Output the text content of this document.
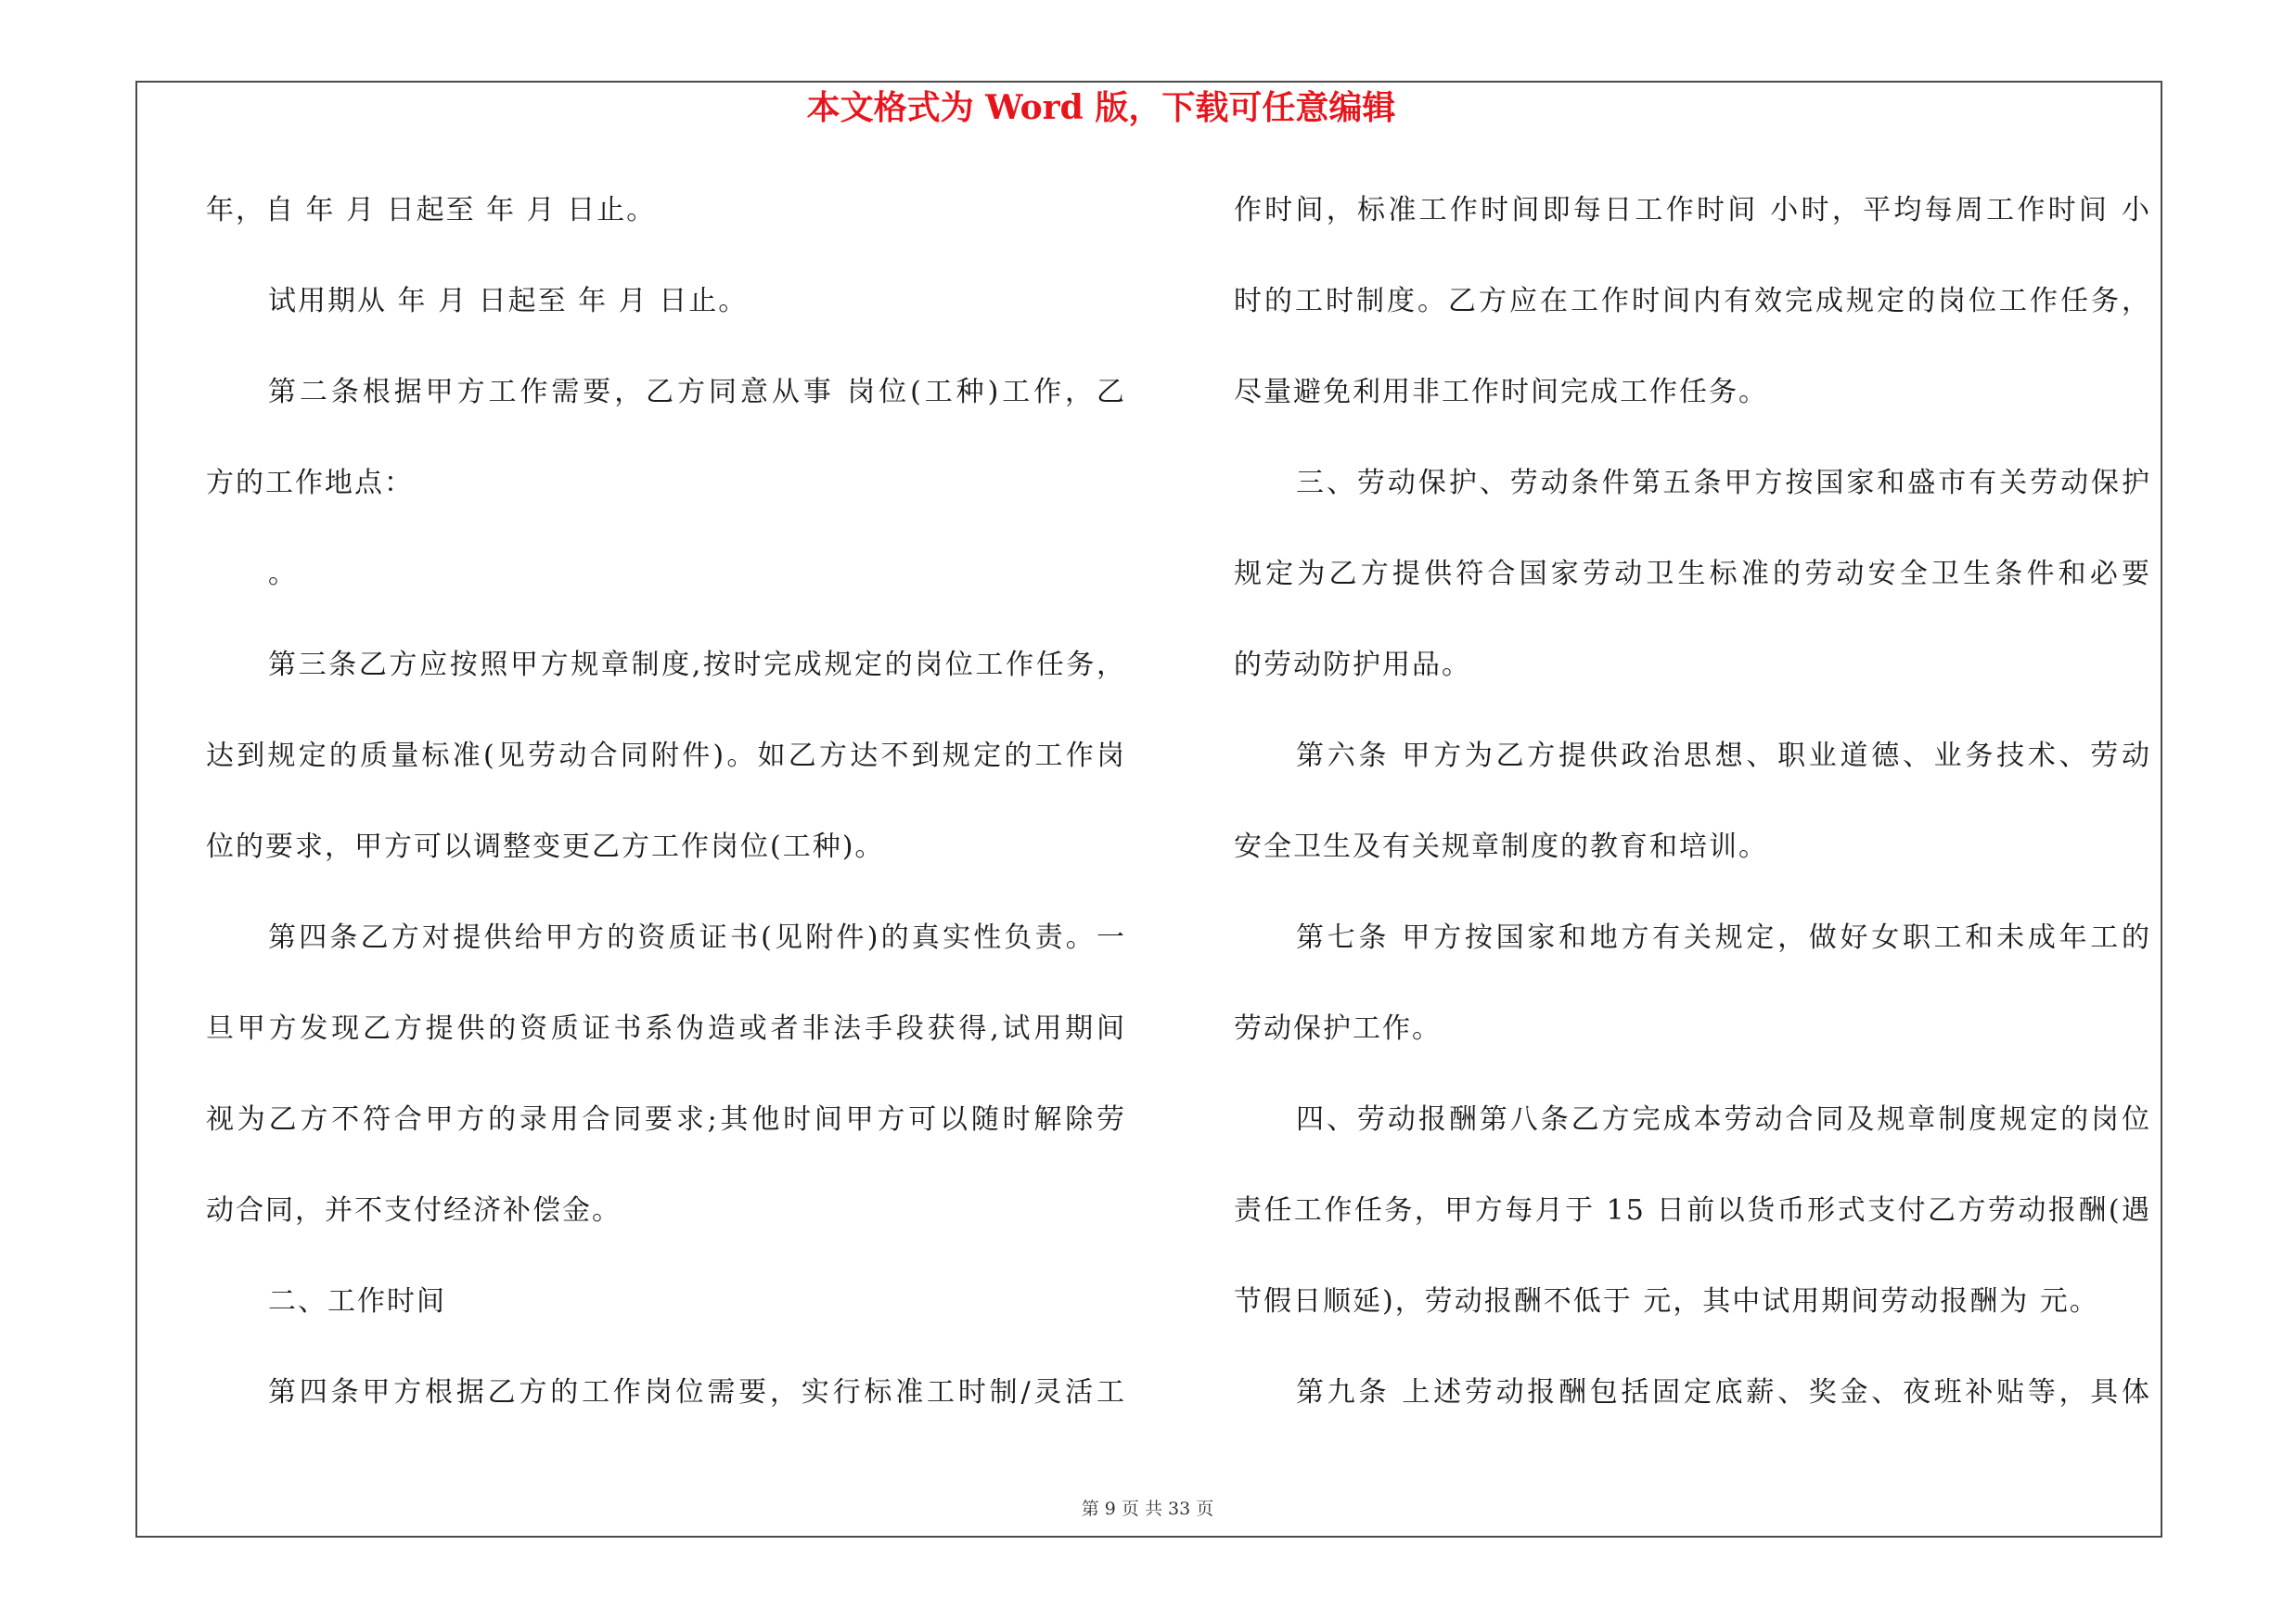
本文格式为 Word 版，下载可任意编辑
年，自 年 月 日起至 年 月 日止。
试用期从 年 月 日起至 年 月 日止。
第二条根据甲方工作需要，乙方同意从事 岗位(工种)工作，乙
方的工作地点：
。
第三条乙方应按照甲方规章制度,按时完成规定的岗位工作任务，
达到规定的质量标准(见劳动合同附件)。如乙方达不到规定的工作岗
位的要求，甲方可以调整变更乙方工作岗位(工种)。
第四条乙方对提供给甲方的资质证书(见附件)的真实性负责。一
旦甲方发现乙方提供的资质证书系伪造或者非法手段获得,试用期间
视为乙方不符合甲方的录用合同要求;其他时间甲方可以随时解除劳
动合同，并不支付经济补偿金。
二、工作时间
第四条甲方根据乙方的工作岗位需要，实行标准工时制/灵活工
作时间，标准工作时间即每日工作时间 小时，平均每周工作时间 小
时的工时制度。乙方应在工作时间内有效完成规定的岗位工作任务，
尽量避免利用非工作时间完成工作任务。
三、劳动保护、劳动条件第五条甲方按国家和盛市有关劳动保护
规定为乙方提供符合国家劳动卫生标准的劳动安全卫生条件和必要
的劳动防护用品。
第六条 甲方为乙方提供政治思想、职业道德、业务技术、劳动
安全卫生及有关规章制度的教育和培训。
第七条 甲方按国家和地方有关规定，做好女职工和未成年工的
劳动保护工作。
四、劳动报酬第八条乙方完成本劳动合同及规章制度规定的岗位
责任工作任务，甲方每月于 15 日前以货币形式支付乙方劳动报酬(遇
节假日顺延)，劳动报酬不低于 元，其中试用期间劳动报酬为 元。
第九条 上述劳动报酬包括固定底薪、奖金、夜班补贴等，具体
第 9 页 共 33 页
